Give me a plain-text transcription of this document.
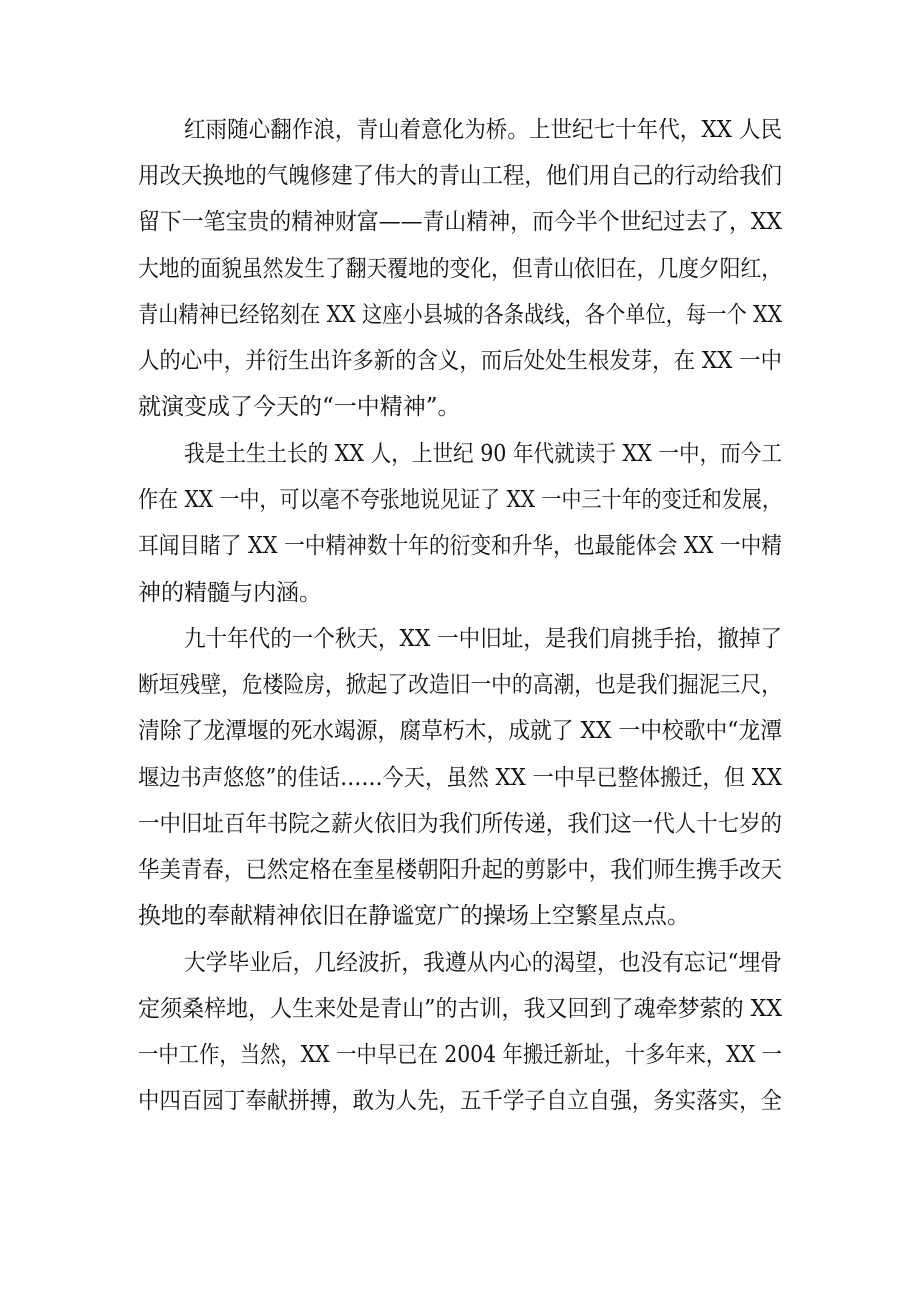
红雨随心翻作浪，青山着意化为桥。上世纪七十年代，XX 人民
用改天换地的气魄修建了伟大的青山工程，他们用自己的行动给我们
留下一笔宝贵的精神财富——青山精神，而今半个世纪过去了，XX
大地的面貌虽然发生了翻天覆地的变化，但青山依旧在，几度夕阳红，
青山精神已经铭刻在 XX 这座小县城的各条战线，各个单位，每一个 XX
人的心中，并衍生出许多新的含义，而后处处生根发芽，在 XX 一中
就演变成了今天的“一中精神”。
我是土生土长的 XX 人，上世纪 90 年代就读于 XX 一中，而今工
作在 XX 一中，可以毫不夸张地说见证了 XX 一中三十年的变迁和发展，
耳闻目睹了 XX 一中精神数十年的衍变和升华，也最能体会 XX 一中精
神的精髓与内涵。
九十年代的一个秋天，XX 一中旧址，是我们肩挑手抬，撤掉了
断垣残壁，危楼险房，掀起了改造旧一中的高潮，也是我们掘泥三尺，
清除了龙潭堰的死水竭源，腐草朽木，成就了 XX 一中校歌中“龙潭
堰边书声悠悠”的佳话……今天，虽然 XX 一中早已整体搬迁，但 XX
一中旧址百年书院之薪火依旧为我们所传递，我们这一代人十七岁的
华美青春，已然定格在奎星楼朝阳升起的剪影中，我们师生携手改天
换地的奉献精神依旧在静谧宽广的操场上空繁星点点。
大学毕业后，几经波折，我遵从内心的渴望，也没有忘记“埋骨
定须桑梓地，人生来处是青山”的古训，我又回到了魂牵梦萦的 XX
一中工作，当然，XX 一中早已在 2004 年搬迁新址，十多年来，XX 一
中四百园丁奉献拼搏，敢为人先，五千学子自立自强，务实落实，全
